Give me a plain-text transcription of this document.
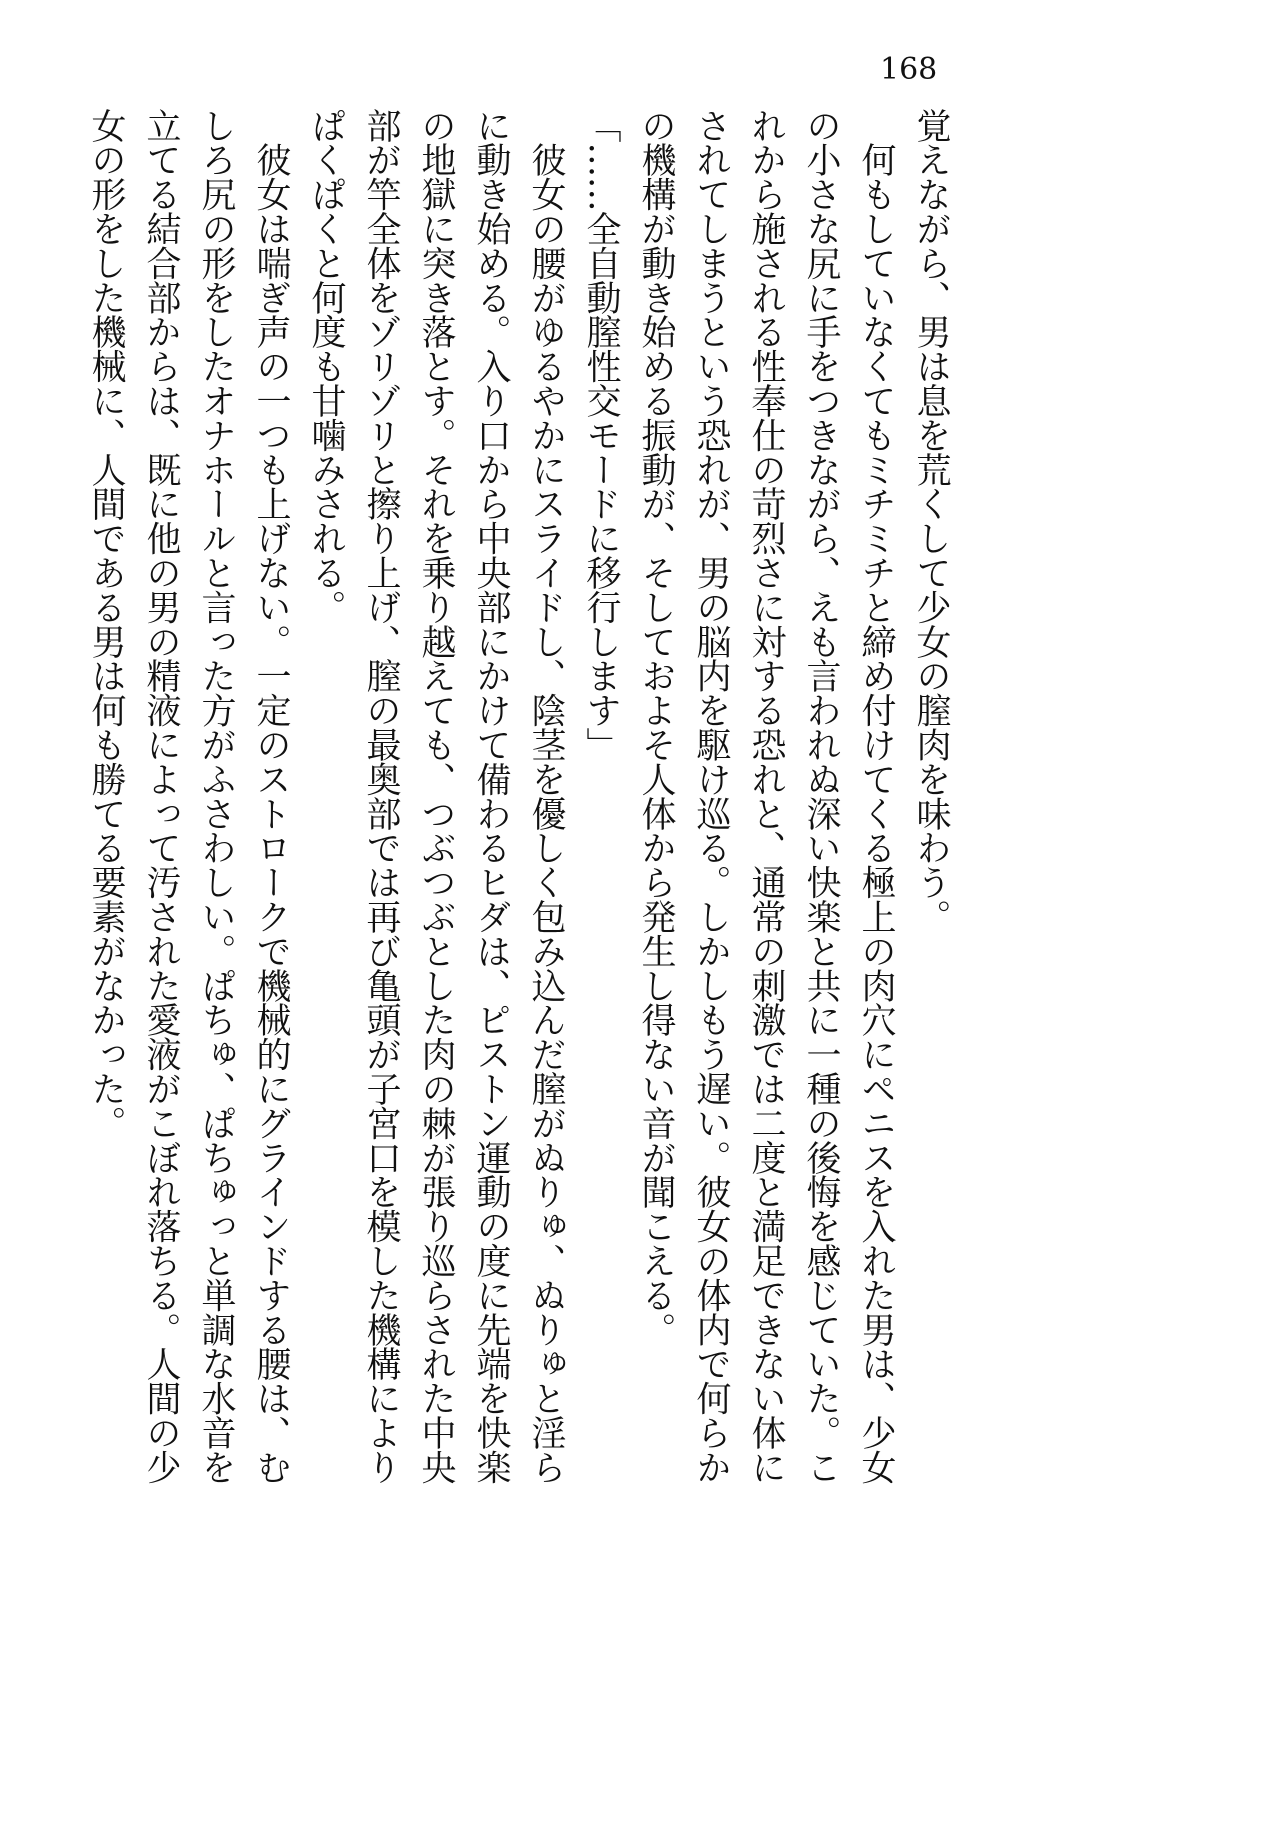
168
覚えながら、男は息を荒くして少女の膣肉を味わう。
　何もしていなくてもミチミチと締め付けてくる極上の肉穴にペニスを入れた男は、少女
の小さな尻に手をつきながら、えも言われぬ深い快楽と共に一種の後悔を感じていた。こ
れから施される性奉仕の苛烈さに対する恐れと、通常の刺激では二度と満足できない体に
されてしまうという恐れが、男の脳内を駆け巡る。しかしもう遅い。彼女の体内で何らか
の機構が動き始める振動が、そしておよそ人体から発生し得ない音が聞こえる。
「……全自動膣性交モードに移行します」
　彼女の腰がゆるやかにスライドし、陰茎を優しく包み込んだ膣がぬりゅ、ぬりゅと淫ら
に動き始める。入り口から中央部にかけて備わるヒダは、ピストン運動の度に先端を快楽
の地獄に突き落とす。それを乗り越えても、つぶつぶとした肉の棘が張り巡らされた中央
部が竿全体をゾリゾリと擦り上げ、膣の最奥部では再び亀頭が子宮口を模した機構により
ぱくぱくと何度も甘噛みされる。
　彼女は喘ぎ声の一つも上げない。一定のストロークで機械的にグラインドする腰は、む
しろ尻の形をしたオナホールと言った方がふさわしい。ぱちゅ、ぱちゅっと単調な水音を
立てる結合部からは、既に他の男の精液によって汚された愛液がこぼれ落ちる。人間の少
女の形をした機械に、人間である男は何も勝てる要素がなかった。
